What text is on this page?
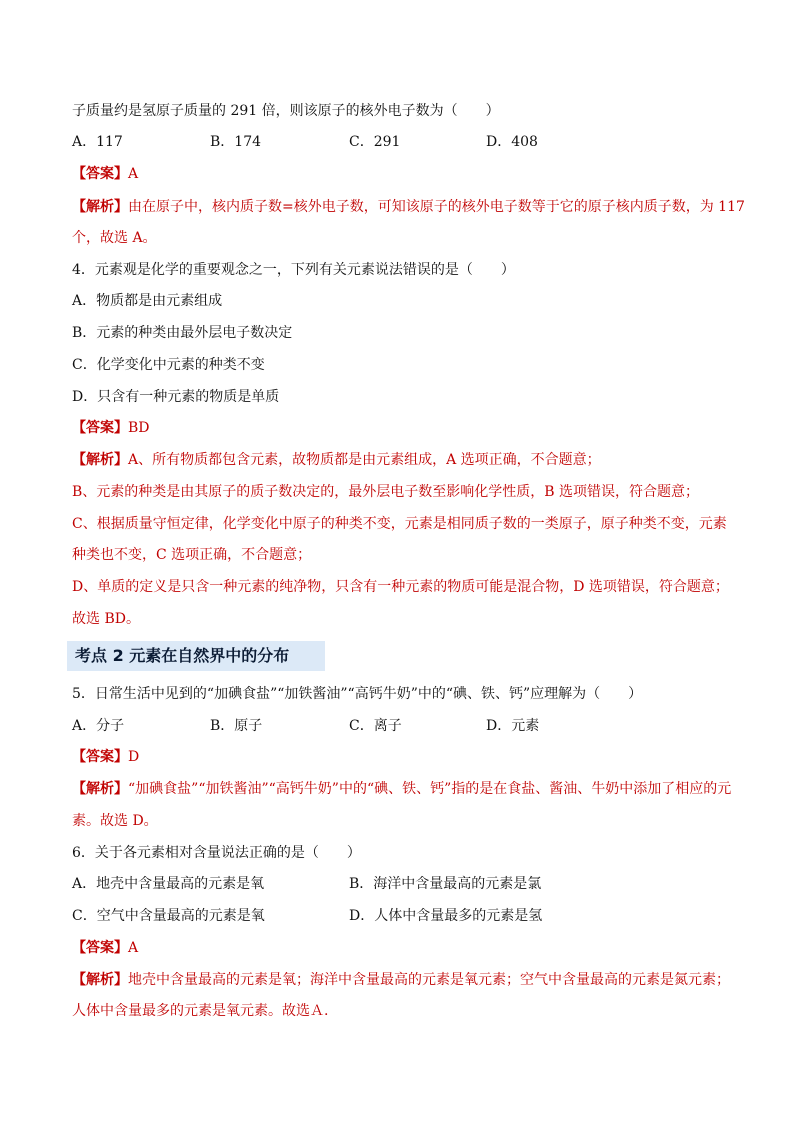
子质量约是氢原子质量的 291 倍，则该原子的核外电子数为（　　）
A．117	B．174	C．291	D．408
【答案】A
【解析】由在原子中，核内质子数=核外电子数，可知该原子的核外电子数等于它的原子核内质子数，为 117
个，故选 A。
4．元素观是化学的重要观念之一，下列有关元素说法错误的是（　　）
A．物质都是由元素组成
B．元素的种类由最外层电子数决定
C．化学变化中元素的种类不变
D．只含有一种元素的物质是单质
【答案】BD
【解析】A、所有物质都包含元素，故物质都是由元素组成，A 选项正确，不合题意；
B、元素的种类是由其原子的质子数决定的，最外层电子数至影响化学性质，B 选项错误，符合题意；
C、根据质量守恒定律，化学变化中原子的种类不变，元素是相同质子数的一类原子，原子种类不变，元素
种类也不变，C 选项正确，不合题意；
D、单质的定义是只含一种元素的纯净物，只含有一种元素的物质可能是混合物，D 选项错误，符合题意；
故选 BD。
考点 2 元素在自然界中的分布
5．日常生活中见到的“加碘食盐”“加铁酱油”“高钙牛奶”中的“碘、铁、钙”应理解为（　　）
A．分子	B．原子	C．离子	D．元素
【答案】D
【解析】“加碘食盐”“加铁酱油”“高钙牛奶”中的“碘、铁、钙”指的是在食盐、酱油、牛奶中添加了相应的元
素。故选 D。
6．关于各元素相对含量说法正确的是（　　）
A．地壳中含量最高的元素是氧	B．海洋中含量最高的元素是氯
C．空气中含量最高的元素是氧	D．人体中含量最多的元素是氢
【答案】A
【解析】地壳中含量最高的元素是氧；海洋中含量最高的元素是氧元素；空气中含量最高的元素是氮元素；
人体中含量最多的元素是氧元素。故选Ａ.
